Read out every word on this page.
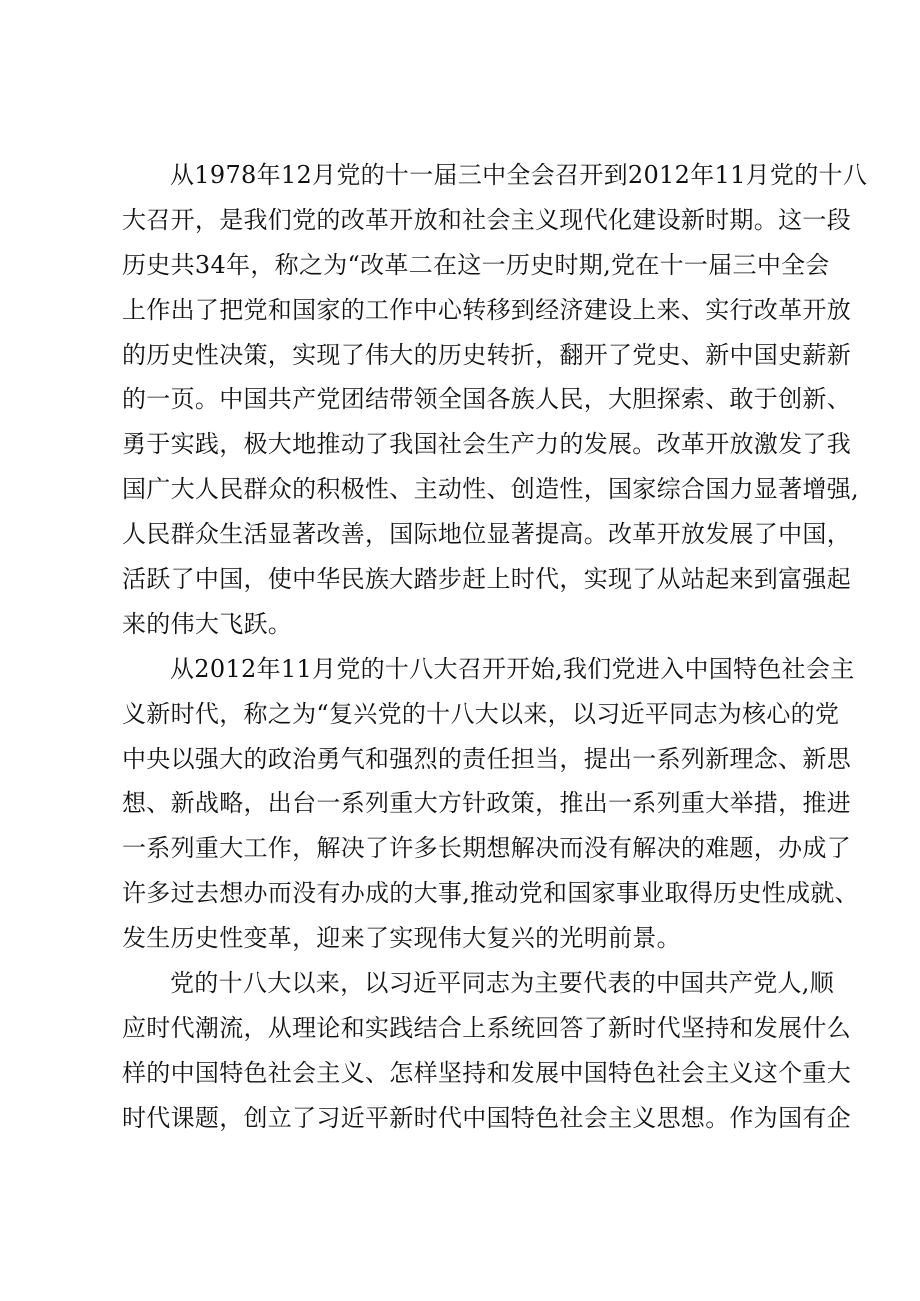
从1978年12月党的十一届三中全会召开到2012年11月党的十八
大召开，是我们党的改革开放和社会主义现代化建设新时期。这一段
历史共34年，称之为“改革二在这一历史时期,党在十一届三中全会
上作出了把党和国家的工作中心转移到经济建设上来、实行改革开放
的历史性决策，实现了伟大的历史转折，翻开了党史、新中国史薪新
的一页。中国共产党团结带领全国各族人民，大胆探索、敢于创新、
勇于实践，极大地推动了我国社会生产力的发展。改革开放激发了我
国广大人民群众的积极性、主动性、创造性，国家综合国力显著增强,
人民群众生活显著改善，国际地位显著提高。改革开放发展了中国，
活跃了中国，使中华民族大踏步赶上时代，实现了从站起来到富强起
来的伟大飞跃。
从2012年11月党的十八大召开开始,我们党进入中国特色社会主
义新时代，称之为“复兴党的十八大以来，以习近平同志为核心的党
中央以强大的政治勇气和强烈的责任担当，提出一系列新理念、新思
想、新战略，出台一系列重大方针政策，推出一系列重大举措，推进
一系列重大工作，解决了许多长期想解决而没有解决的难题，办成了
许多过去想办而没有办成的大事,推动党和国家事业取得历史性成就、
发生历史性变革，迎来了实现伟大复兴的光明前景。
党的十八大以来，以习近平同志为主要代表的中国共产党人,顺
应时代潮流，从理论和实践结合上系统回答了新时代坚持和发展什么
样的中国特色社会主义、怎样坚持和发展中国特色社会主义这个重大
时代课题，创立了习近平新时代中国特色社会主义思想。作为国有企
